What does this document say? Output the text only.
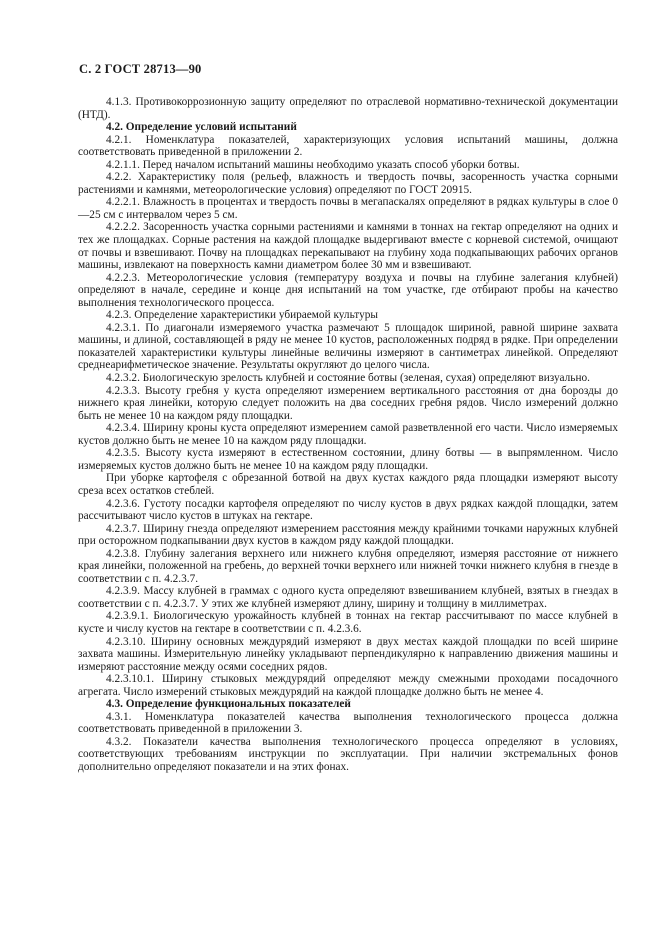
С. 2 ГОСТ 28713—90

4.1.3. Противокоррозионную защиту определяют по отраслевой нормативно-технической документации (НТД).

4.2. Определение условий испытаний

4.2.1. Номенклатура показателей, характеризующих условия испытаний машины, должна соответствовать приведенной в приложении 2.

4.2.1.1. Перед началом испытаний машины необходимо указать способ уборки ботвы.

4.2.2. Характеристику поля (рельеф, влажность и твердость почвы, засоренность участка сорными растениями и камнями, метеорологические условия) определяют по ГОСТ 20915.

4.2.2.1. Влажность в процентах и твердость почвы в мегапаскалях определяют в рядках культуры в слое 0—25 см с интервалом через 5 см.

4.2.2.2. Засоренность участка сорными растениями и камнями в тоннах на гектар определяют на одних и тех же площадках. Сорные растения на каждой площадке выдергивают вместе с корневой системой, очищают от почвы и взвешивают. Почву на площадках перекапывают на глубину хода подкапывающих рабочих органов машины, извлекают на поверхность камни диаметром более 30 мм и взвешивают.

4.2.2.3. Метеорологические условия (температуру воздуха и почвы на глубине залегания клубней) определяют в начале, середине и конце дня испытаний на том участке, где отбирают пробы на качество выполнения технологического процесса.

4.2.3. Определение характеристики убираемой культуры

4.2.3.1. По диагонали измеряемого участка размечают 5 площадок шириной, равной ширине захвата машины, и длиной, составляющей в ряду не менее 10 кустов, расположенных подряд в рядке. При определении показателей характеристики культуры линейные величины измеряют в сантиметрах линейкой. Определяют среднеарифметическое значение. Результаты округляют до целого числа.

4.2.3.2. Биологическую зрелость клубней и состояние ботвы (зеленая, сухая) определяют визуально.

4.2.3.3. Высоту гребня у куста определяют измерением вертикального расстояния от дна борозды до нижнего края линейки, которую следует положить на два соседних гребня рядов. Число измерений должно быть не менее 10 на каждом ряду площадки.

4.2.3.4. Ширину кроны куста определяют измерением самой разветвленной его части. Число измеряемых кустов должно быть не менее 10 на каждом ряду площадки.

4.2.3.5. Высоту куста измеряют в естественном состоянии, длину ботвы — в выпрямленном. Число измеряемых кустов должно быть не менее 10 на каждом ряду площадки.

При уборке картофеля с обрезанной ботвой на двух кустах каждого ряда площадки измеряют высоту среза всех остатков стеблей.

4.2.3.6. Густоту посадки картофеля определяют по числу кустов в двух рядках каждой площадки, затем рассчитывают число кустов в штуках на гектаре.

4.2.3.7. Ширину гнезда определяют измерением расстояния между крайними точками наружных клубней при осторожном подкапывании двух кустов в каждом ряду каждой площадки.

4.2.3.8. Глубину залегания верхнего или нижнего клубня определяют, измеряя расстояние от нижнего края линейки, положенной на гребень, до верхней точки верхнего или нижней точки нижнего клубня в гнезде в соответствии с п. 4.2.3.7.

4.2.3.9. Массу клубней в граммах с одного куста определяют взвешиванием клубней, взятых в гнездах в соответствии с п. 4.2.3.7. У этих же клубней измеряют длину, ширину и толщину в миллиметрах.

4.2.3.9.1. Биологическую урожайность клубней в тоннах на гектар рассчитывают по массе клубней в кусте и числу кустов на гектаре в соответствии с п. 4.2.3.6.

4.2.3.10. Ширину основных междурядий измеряют в двух местах каждой площадки по всей ширине захвата машины. Измерительную линейку укладывают перпендикулярно к направлению движения машины и измеряют расстояние между осями соседних рядов.

4.2.3.10.1. Ширину стыковых междурядий определяют между смежными проходами посадочного агрегата. Число измерений стыковых междурядий на каждой площадке должно быть не менее 4.

4.3. Определение функциональных показателей

4.3.1. Номенклатура показателей качества выполнения технологического процесса должна соответствовать приведенной в приложении 3.

4.3.2. Показатели качества выполнения технологического процесса определяют в условиях, соответствующих требованиям инструкции по эксплуатации. При наличии экстремальных фонов дополнительно определяют показатели и на этих фонах.
